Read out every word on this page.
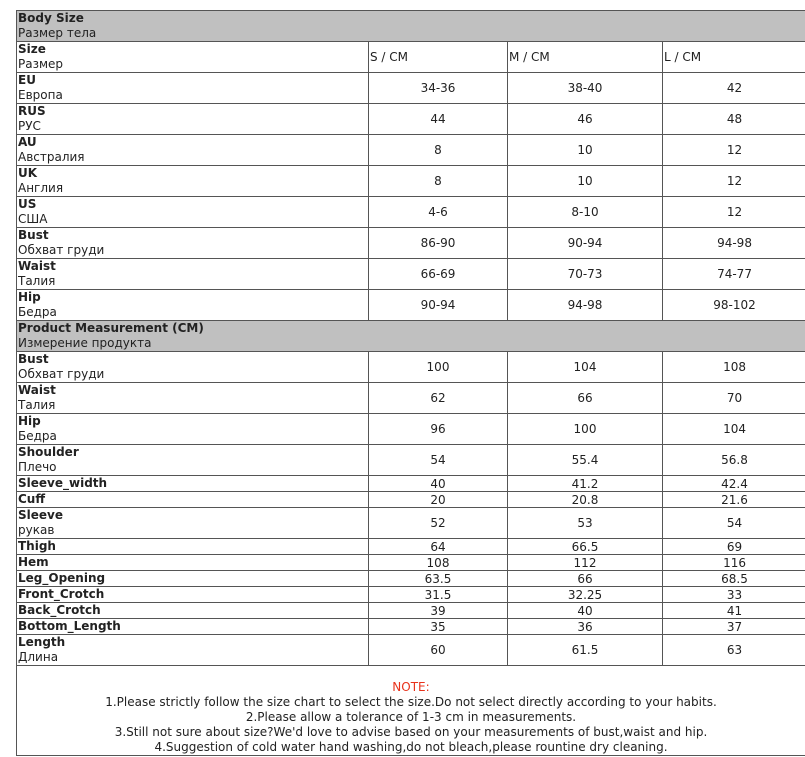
Body Size
Размер тела			

Size
Размер	S / CM	M / CM	L / CM

EU
Европа	34-36	38-40	42

RUS
РУС	44	46	48

AU
Австралия	8	10	12

UK
Англия	8	10	12

US
США	4-6	8-10	12

Bust
Обхват груди	86-90	90-94	94-98

Waist
Талия	66-69	70-73	74-77

Hip
Бедра	90-94	94-98	98-102

Product Measurement (CM)
Измерение продукта			

Bust
Обхват груди	100	104	108

Waist
Талия	62	66	70

Hip
Бедра	96	100	104

Shoulder
Плечо	54	55.4	56.8

Sleeve_width	40	41.2	42.4

Cuff	20	20.8	21.6

Sleeve
рукав	52	53	54

Thigh	64	66.5	69

Hem	108	112	116

Leg_Opening	63.5	66	68.5

Front_Crotch	31.5	32.25	33

Back_Crotch	39	40	41

Bottom_Length	35	36	37

Length
Длина	60	61.5	63
NOTE:
1.Please strictly follow the size chart to select the size.Do not select directly according to your habits.
2.Please allow a tolerance of 1-3 cm in measurements.
3.Still not sure about size?We'd love to advise based on your measurements of bust,waist and hip.
4.Suggestion of cold water hand washing,do not bleach,please rountine dry cleaning.
